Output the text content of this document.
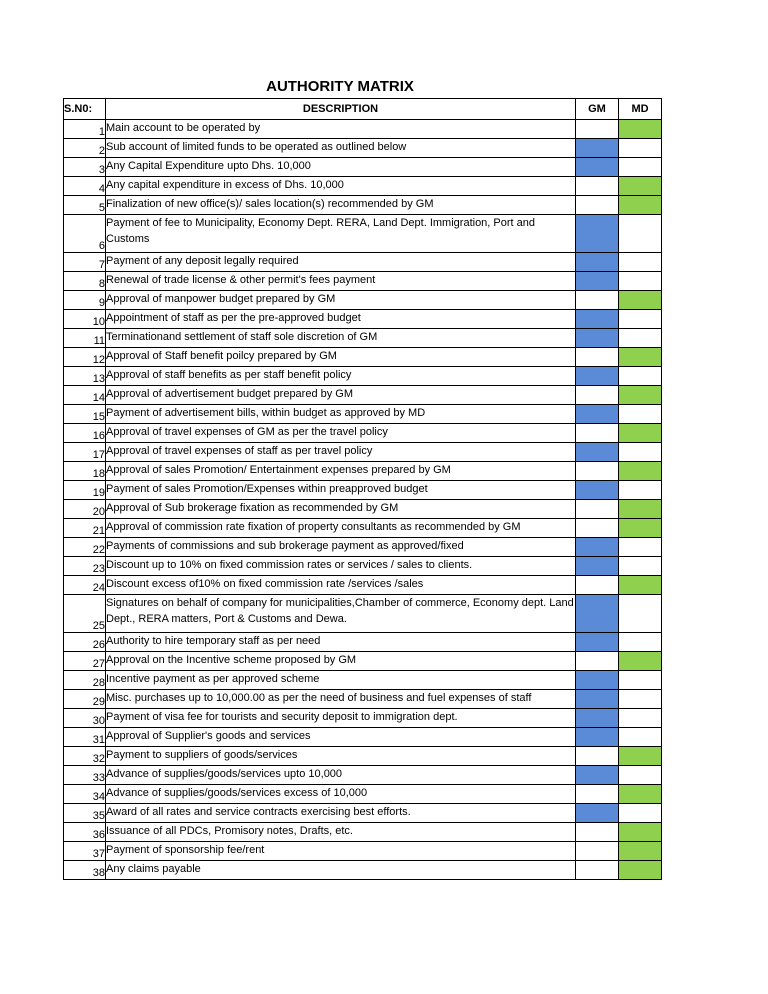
AUTHORITY MATRIX
S.N0:	DESCRIPTION	GM	MD
1	Main account to be operated by		
2	Sub account of limited funds to be operated as outlined below		
3	Any Capital Expenditure upto Dhs. 10,000		
4	Any capital expenditure in excess of Dhs. 10,000		
5	Finalization of new office(s)/ sales location(s) recommended by GM		
6	Payment of fee to Municipality, Economy Dept. RERA, Land Dept. Immigration, Port and Customs		
7	Payment of any deposit legally required		
8	Renewal of trade license & other permit's fees payment		
9	Approval of manpower budget prepared by GM		
10	Appointment of staff as per the pre-approved budget		
11	Terminationand settlement of staff sole discretion of GM		
12	Approval of Staff benefit poilcy prepared by GM		
13	Approval of staff benefits as per staff benefit policy		
14	Approval of advertisement budget prepared by GM		
15	Payment of advertisement bills, within budget as approved by MD		
16	Approval of travel expenses of GM as per the travel policy		
17	Approval of travel expenses of staff as per travel policy		
18	Approval of sales Promotion/ Entertainment expenses prepared by GM		
19	Payment of sales Promotion/Expenses within preapproved budget		
20	Approval of Sub brokerage fixation as recommended by GM		
21	Approval of commission rate fixation of property consultants as recommended by GM		
22	Payments of commissions and sub brokerage payment as approved/fixed		
23	Discount up to 10% on fixed commission rates or services / sales to clients.		
24	Discount excess of10% on fixed commission rate /services /sales		
25	Signatures on behalf of company for municipalities,Chamber of commerce, Economy dept. Land Dept., RERA matters, Port & Customs and Dewa.		
26	Authority to hire temporary staff as per need		
27	Approval on the Incentive scheme proposed by GM		
28	Incentive payment as per approved scheme		
29	Misc. purchases up to 10,000.00 as per the need of business and fuel expenses of staff		
30	Payment of visa fee for tourists and security deposit to immigration dept.		
31	Approval of Supplier's goods and services		
32	Payment to suppliers of goods/services		
33	Advance of supplies/goods/services upto 10,000		
34	Advance of supplies/goods/services excess of 10,000		
35	Award of all rates and service contracts exercising best efforts.		
36	Issuance of all PDCs, Promisory notes, Drafts, etc.		
37	Payment of sponsorship fee/rent		
38	Any claims payable		
